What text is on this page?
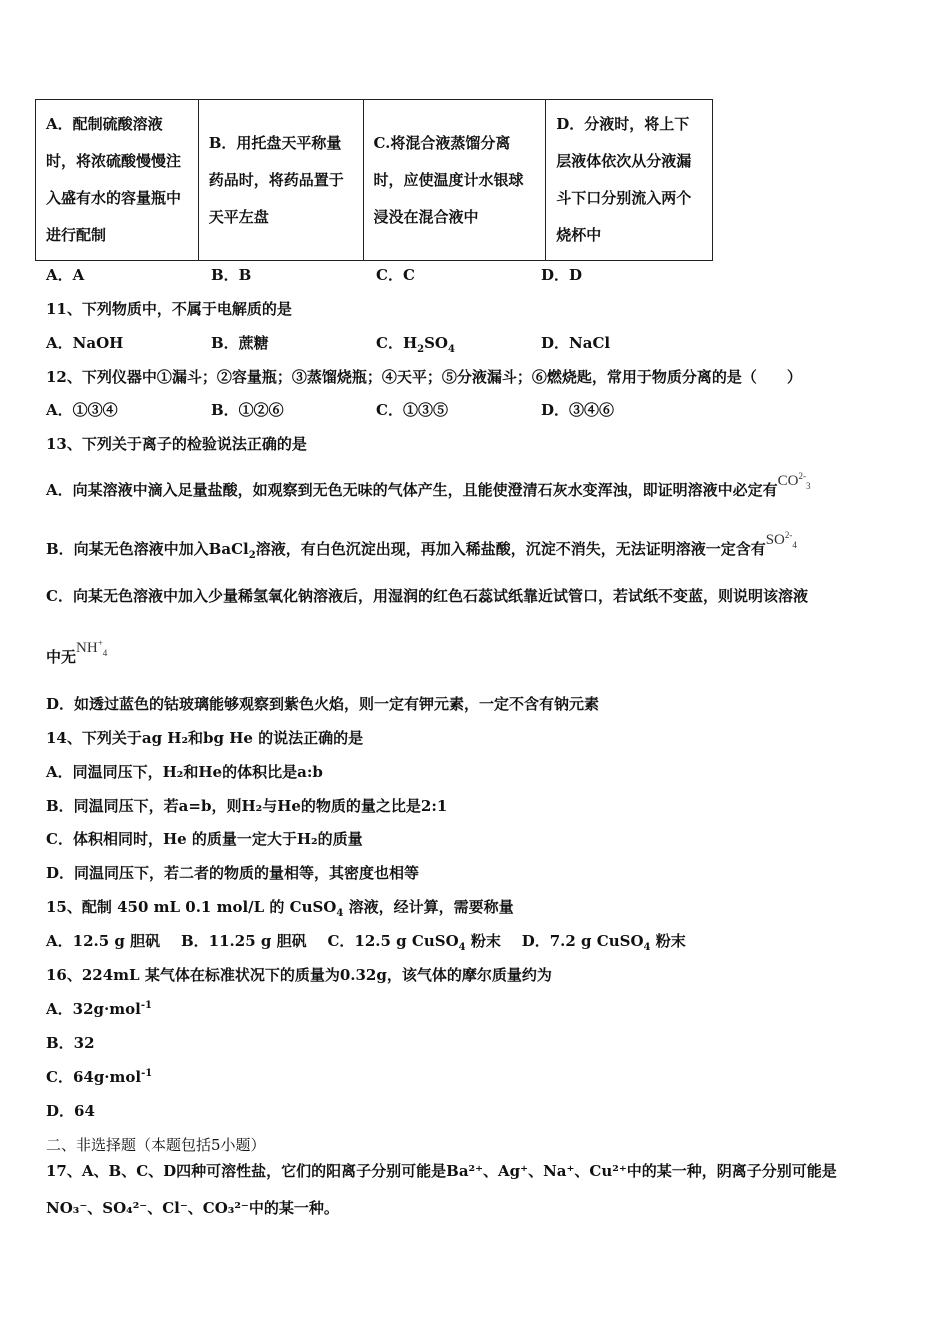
A．配制硫酸溶液时，将浓硫酸慢慢注入盛有水的容量瓶中进行配制	B．用托盘天平称量药品时，将药品置于天平左盘	C.将混合液蒸馏分离时，应使温度计水银球浸没在混合液中	D．分液时，将上下层液体依次从分液漏斗下口分别流入两个烧杯中
A．A	B．B	C．C	D．D
11、下列物质中，不属于电解质的是
A．NaOH	B．蔗糖	C．$H_2SO_4$	D．NaCl
12、下列仪器中①漏斗；②容量瓶；③蒸馏烧瓶；④天平；⑤分液漏斗；⑥燃烧匙，常用于物质分离的是（　　）
A．①③④	B．①②⑥	C．①③⑤	D．③④⑥
13、下列关于离子的检验说法正确的是
A．向某溶液中滴入足量盐酸，如观察到无色无味的气体产生，且能使澄清石灰水变浑浊，即证明溶液中必定有$CO^{2-}_3$
B．向某无色溶液中加入BaCl$_2$溶液，有白色沉淀出现，再加入稀盐酸，沉淀不消失，无法证明溶液一定含有$SO^{2-}_4$
C．向某无色溶液中加入少量稀氢氧化钠溶液后，用湿润的红色石蕊试纸靠近试管口，若试纸不变蓝，则说明该溶液
中无$NH^+_4$
D．如透过蓝色的钴玻璃能够观察到紫色火焰，则一定有钾元素，一定不含有钠元素
14、下列关于ag H₂和bg He 的说法正确的是
A．同温同压下，H₂和He的体积比是a:b
B．同温同压下，若a=b，则H₂与He的物质的量之比是2:1
C．体积相同时，He 的质量一定大于H₂的质量
D．同温同压下，若二者的物质的量相等，其密度也相等
15、配制 450 mL 0.1 mol/L 的 CuSO$_4$ 溶液，经计算，需要称量
A．12.5 g 胆矾 B．11.25 g 胆矾 C．12.5 g CuSO$_4$ 粉末 D．7.2 g CuSO$_4$ 粉末
16、224mL 某气体在标准状况下的质量为0.32g，该气体的摩尔质量约为
A．32g·mol$^{-1}$
B．32
C．64g·mol$^{-1}$
D．64
二、非选择题（本题包括5小题）
17、A、B、C、D四种可溶性盐，它们的阳离子分别可能是Ba²⁺、Ag⁺、Na⁺、Cu²⁺中的某一种，阴离子分别可能是
NO₃⁻、SO₄²⁻、Cl⁻、CO₃²⁻中的某一种。
